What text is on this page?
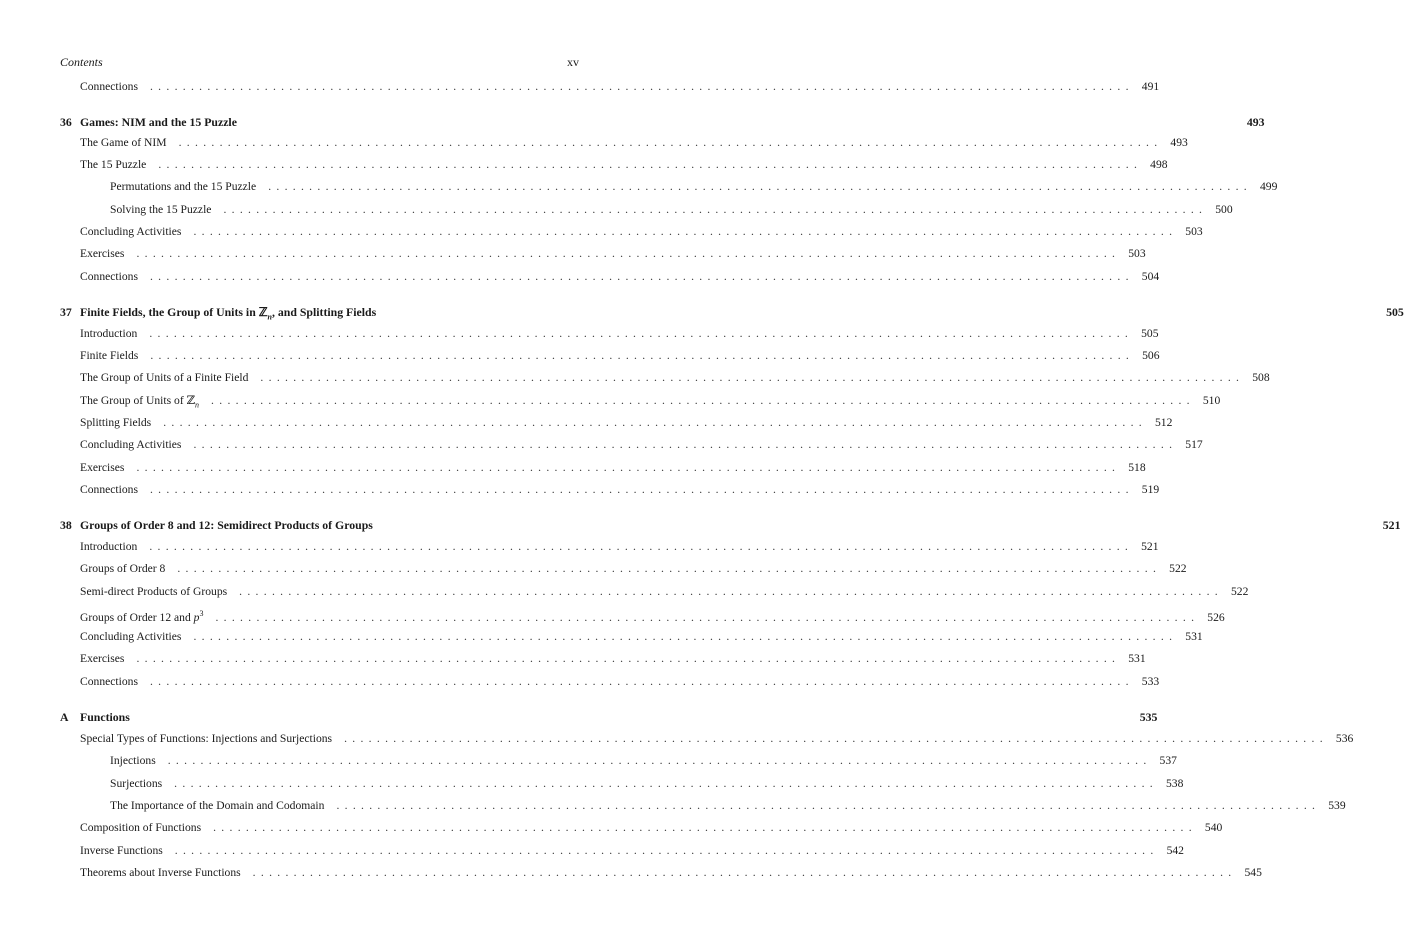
Contents	xv
Connections ........................................................................................................................ 491
36 Games: NIM and the 15 Puzzle	493
The Game of NIM ........................................................................................................................ 493
The 15 Puzzle ........................................................................................................................ 498
Permutations and the 15 Puzzle ........................................................................................................................ 499
Solving the 15 Puzzle ........................................................................................................................ 500
Concluding Activities ........................................................................................................................ 503
Exercises ........................................................................................................................ 503
Connections ........................................................................................................................ 504
37 Finite Fields, the Group of Units in ℤ$_n$, and Splitting Fields	505
Introduction ........................................................................................................................ 505
Finite Fields ........................................................................................................................ 506
The Group of Units of a Finite Field ........................................................................................................................ 508
The Group of Units of ℤ$_n$ ........................................................................................................................ 510
Splitting Fields ........................................................................................................................ 512
Concluding Activities ........................................................................................................................ 517
Exercises ........................................................................................................................ 518
Connections ........................................................................................................................ 519
38 Groups of Order 8 and 12: Semidirect Products of Groups	521
Introduction ........................................................................................................................ 521
Groups of Order 8 ........................................................................................................................ 522
Semi-direct Products of Groups ........................................................................................................................ 522
Groups of Order 12 and $p^3$ ........................................................................................................................ 526
Concluding Activities ........................................................................................................................ 531
Exercises ........................................................................................................................ 531
Connections ........................................................................................................................ 533
A Functions	535
Special Types of Functions: Injections and Surjections ........................................................................................................................ 536
Injections ........................................................................................................................ 537
Surjections ........................................................................................................................ 538
The Importance of the Domain and Codomain ........................................................................................................................ 539
Composition of Functions ........................................................................................................................ 540
Inverse Functions ........................................................................................................................ 542
Theorems about Inverse Functions ........................................................................................................................ 545
